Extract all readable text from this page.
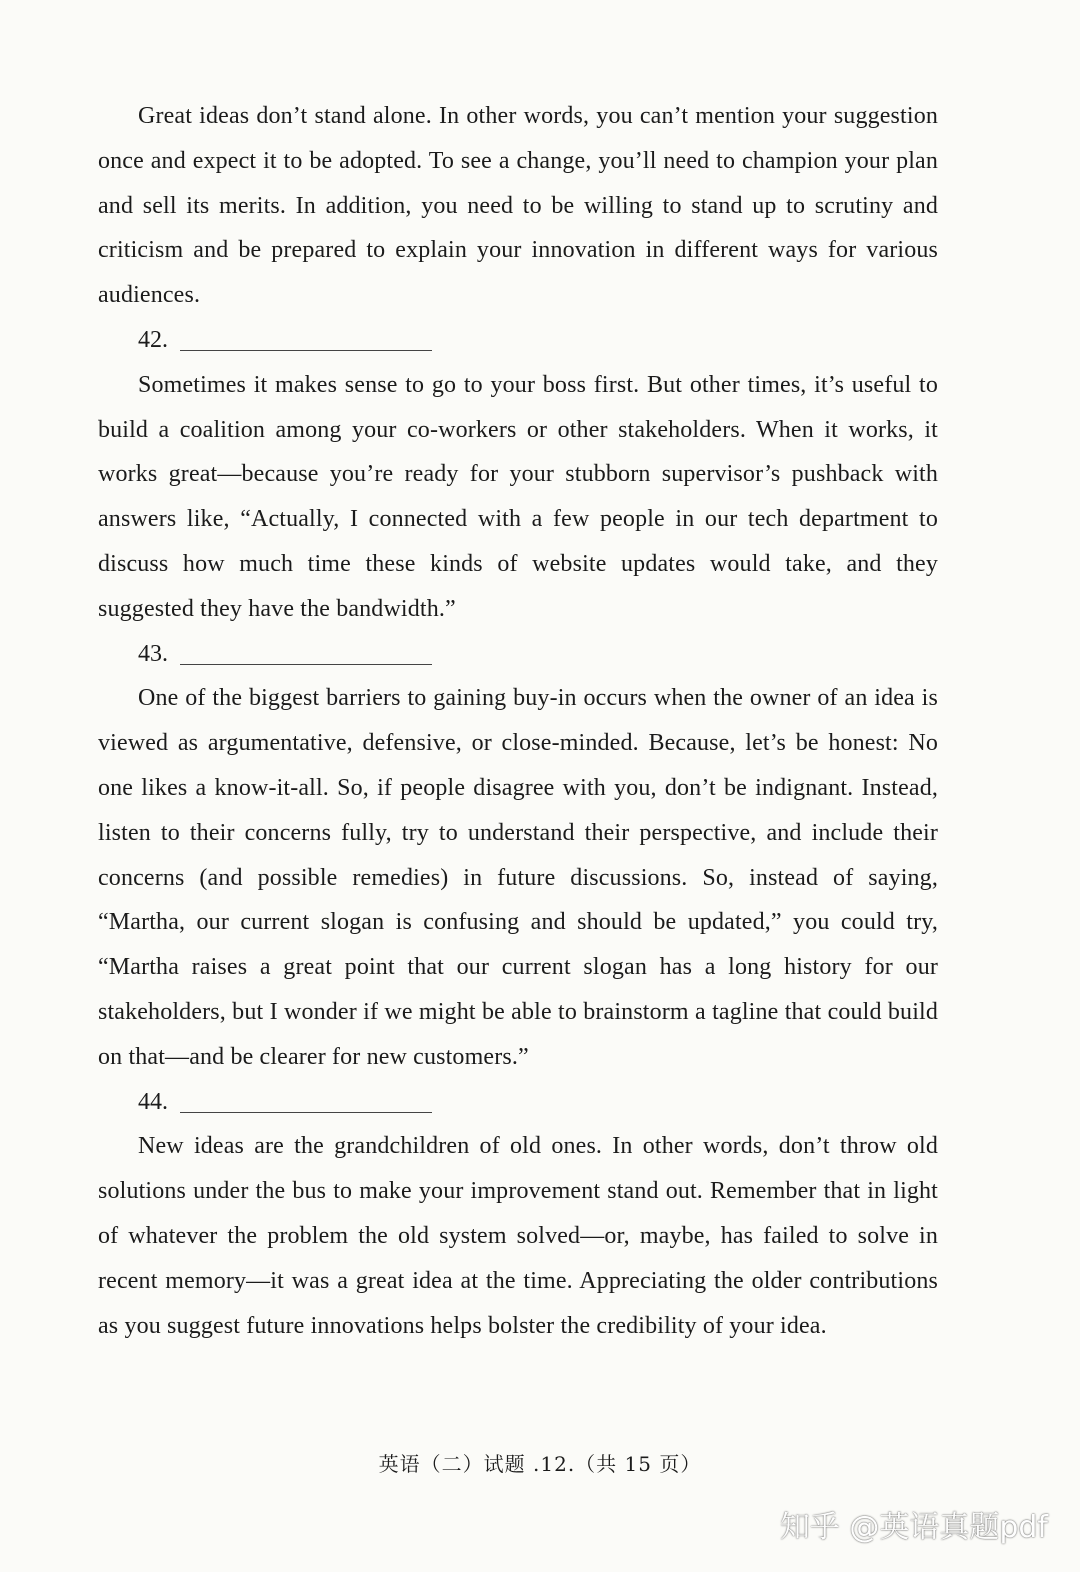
Great ideas don’t stand alone. In other words, you can’t mention your suggestion once and expect it to be adopted. To see a change, you’ll need to champion your plan and sell its merits. In addition, you need to be willing to stand up to scrutiny and criticism and be prepared to explain your innovation in different ways for various audiences.

42.

Sometimes it makes sense to go to your boss first. But other times, it’s useful to build a coalition among your co-workers or other stakeholders. When it works, it works great—because you’re ready for your stubborn supervisor’s pushback with answers like, “Actually, I connected with a few people in our tech department to discuss how much time these kinds of website updates would take, and they suggested they have the bandwidth.”

43.

One of the biggest barriers to gaining buy-in occurs when the owner of an idea is viewed as argumentative, defensive, or close-minded. Because, let’s be honest: No one likes a know-it-all. So, if people disagree with you, don’t be indignant. Instead, listen to their concerns fully, try to understand their perspective, and include their concerns (and possible remedies) in future discussions. So, instead of saying, “Martha, our current slogan is confusing and should be updated,” you could try, “Martha raises a great point that our current slogan has a long history for our stakeholders, but I wonder if we might be able to brainstorm a tagline that could build on that—and be clearer for new customers.”

44.

New ideas are the grandchildren of old ones. In other words, don’t throw old solutions under the bus to make your improvement stand out. Remember that in light of whatever the problem the old system solved—or, maybe, has failed to solve in recent memory—it was a great idea at the time. Appreciating the older contributions as you suggest future innovations helps bolster the credibility of your idea.

英语（二）试题 .12.（共 15 页）
知乎 @英语真题pdf
